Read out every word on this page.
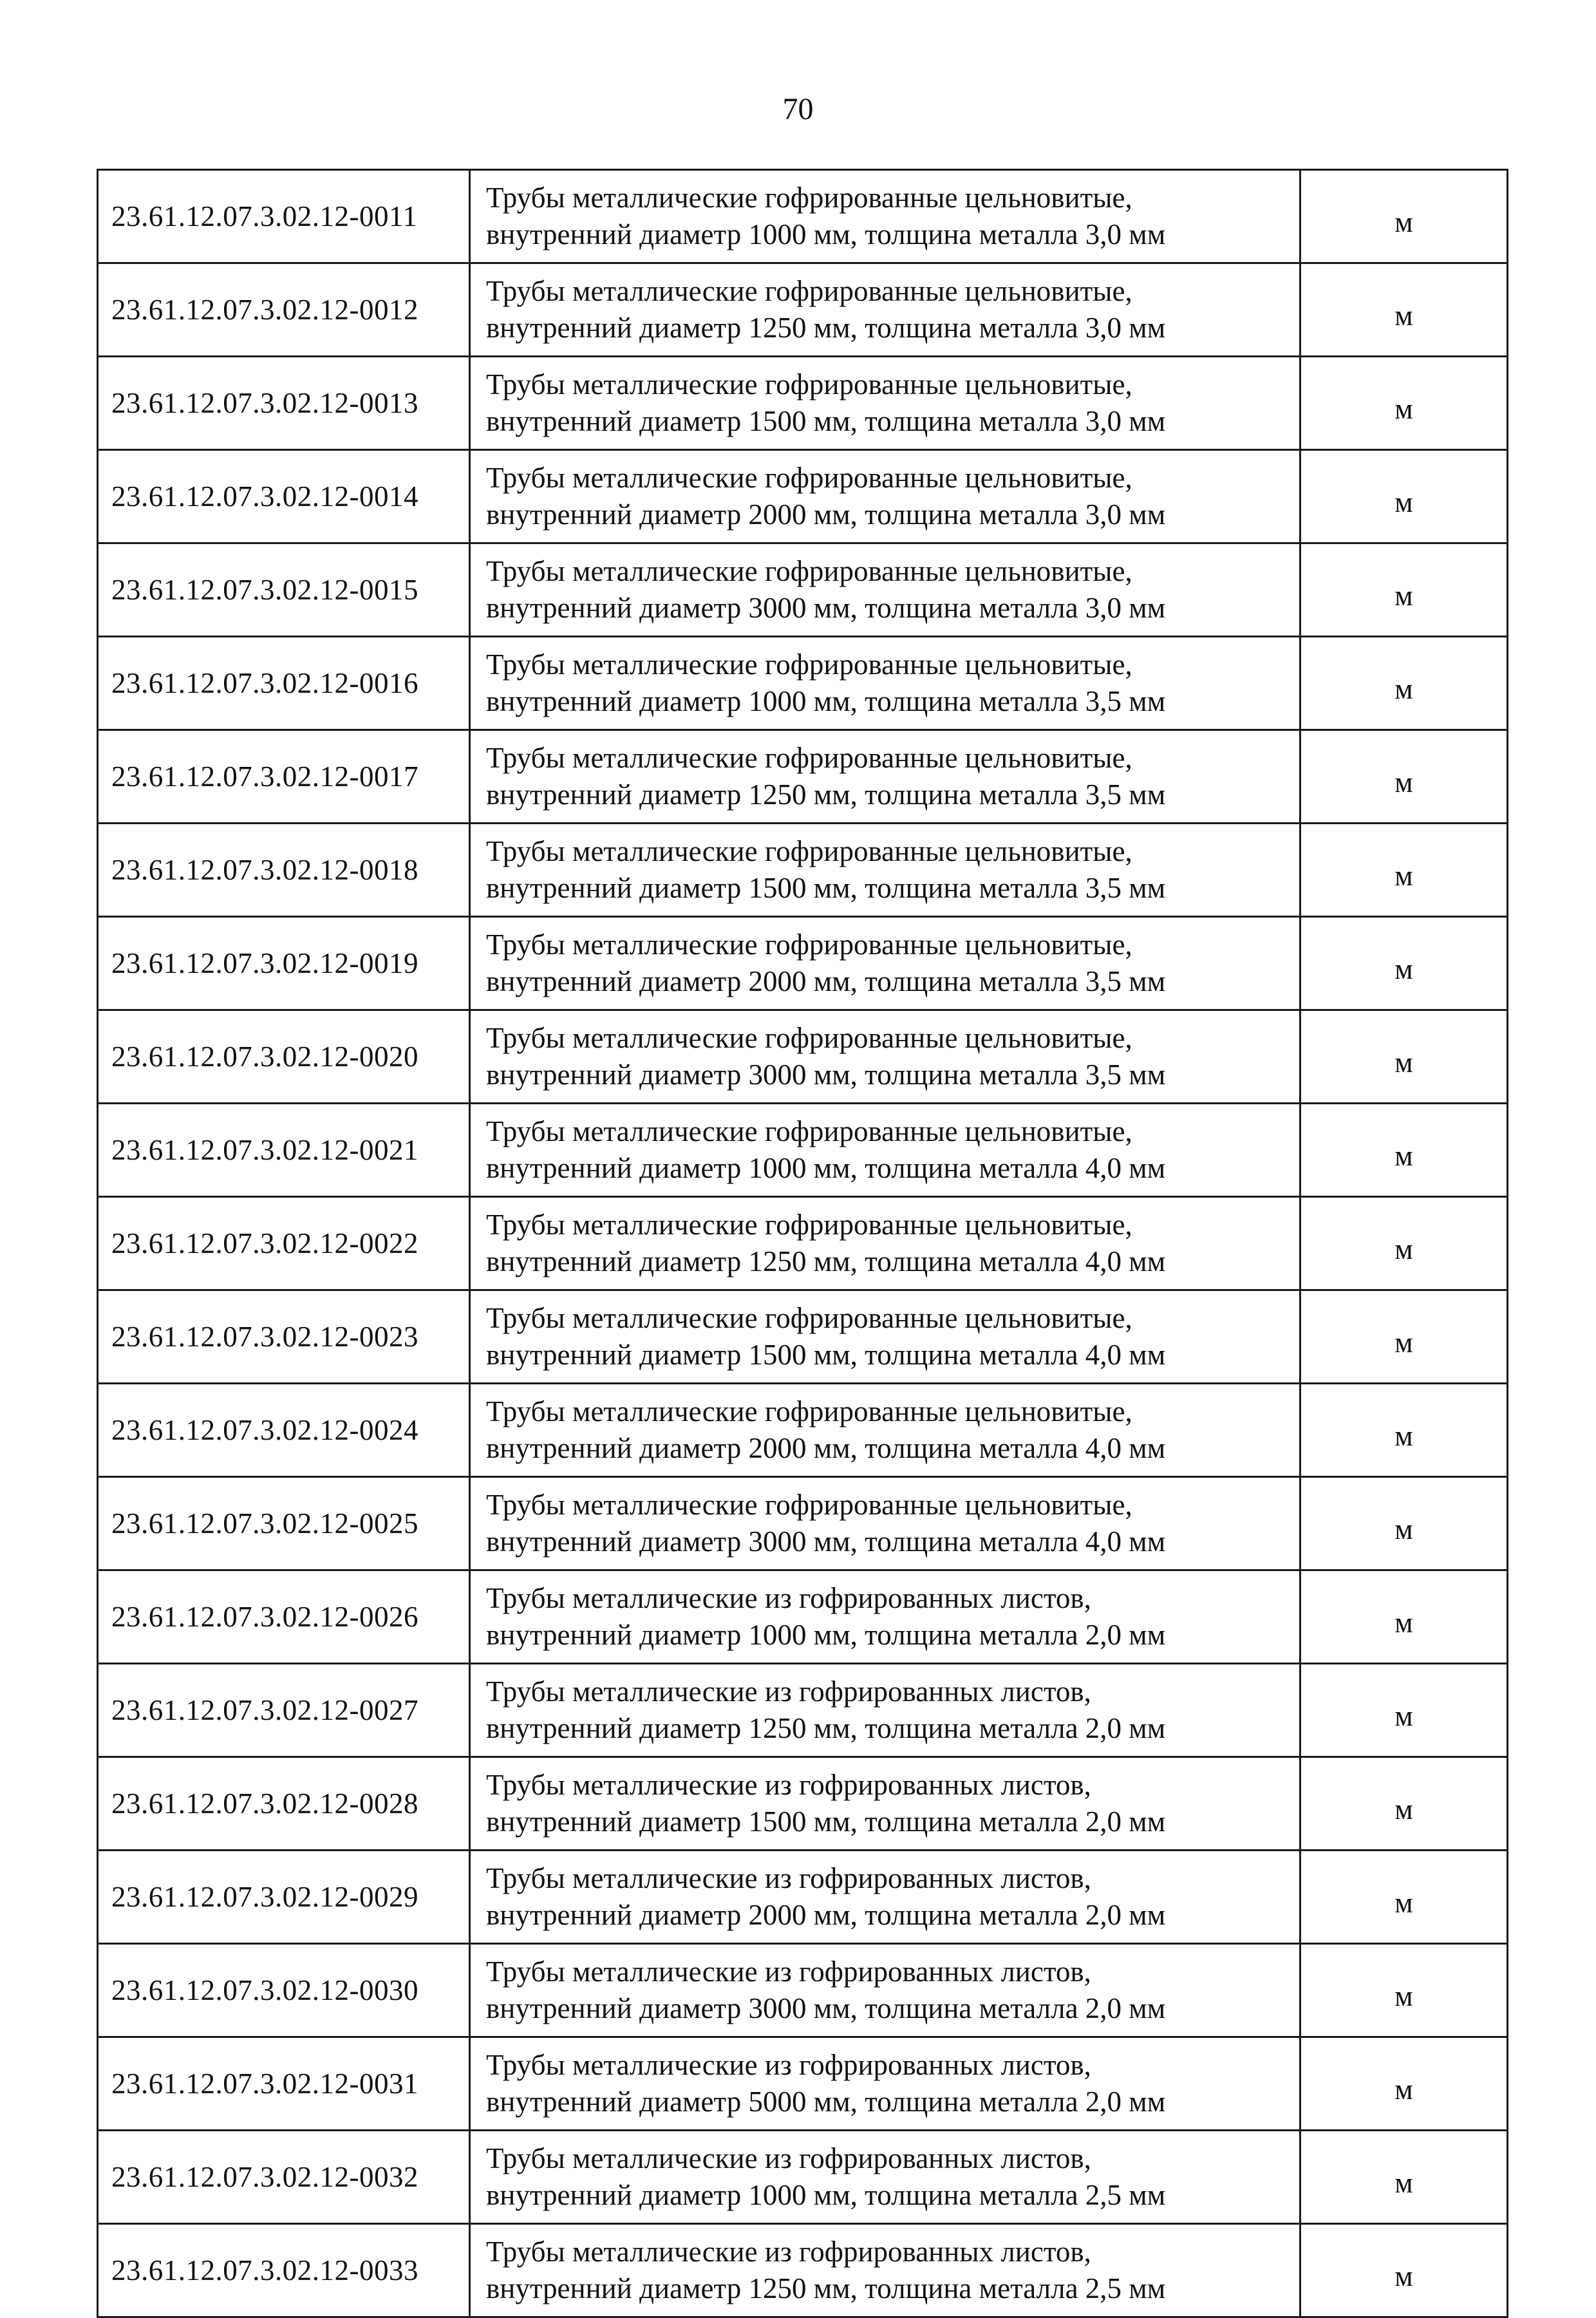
70
23.61.12.07.3.02.12-0011	Трубы металлические гофрированные цельновитые,
внутренний диаметр 1000 мм, толщина металла 3,0 мм	м
23.61.12.07.3.02.12-0012	Трубы металлические гофрированные цельновитые,
внутренний диаметр 1250 мм, толщина металла 3,0 мм	м
23.61.12.07.3.02.12-0013	Трубы металлические гофрированные цельновитые,
внутренний диаметр 1500 мм, толщина металла 3,0 мм	м
23.61.12.07.3.02.12-0014	Трубы металлические гофрированные цельновитые,
внутренний диаметр 2000 мм, толщина металла 3,0 мм	м
23.61.12.07.3.02.12-0015	Трубы металлические гофрированные цельновитые,
внутренний диаметр 3000 мм, толщина металла 3,0 мм	м
23.61.12.07.3.02.12-0016	Трубы металлические гофрированные цельновитые,
внутренний диаметр 1000 мм, толщина металла 3,5 мм	м
23.61.12.07.3.02.12-0017	Трубы металлические гофрированные цельновитые,
внутренний диаметр 1250 мм, толщина металла 3,5 мм	м
23.61.12.07.3.02.12-0018	Трубы металлические гофрированные цельновитые,
внутренний диаметр 1500 мм, толщина металла 3,5 мм	м
23.61.12.07.3.02.12-0019	Трубы металлические гофрированные цельновитые,
внутренний диаметр 2000 мм, толщина металла 3,5 мм	м
23.61.12.07.3.02.12-0020	Трубы металлические гофрированные цельновитые,
внутренний диаметр 3000 мм, толщина металла 3,5 мм	м
23.61.12.07.3.02.12-0021	Трубы металлические гофрированные цельновитые,
внутренний диаметр 1000 мм, толщина металла 4,0 мм	м
23.61.12.07.3.02.12-0022	Трубы металлические гофрированные цельновитые,
внутренний диаметр 1250 мм, толщина металла 4,0 мм	м
23.61.12.07.3.02.12-0023	Трубы металлические гофрированные цельновитые,
внутренний диаметр 1500 мм, толщина металла 4,0 мм	м
23.61.12.07.3.02.12-0024	Трубы металлические гофрированные цельновитые,
внутренний диаметр 2000 мм, толщина металла 4,0 мм	м
23.61.12.07.3.02.12-0025	Трубы металлические гофрированные цельновитые,
внутренний диаметр 3000 мм, толщина металла 4,0 мм	м
23.61.12.07.3.02.12-0026	Трубы металлические из гофрированных листов,
внутренний диаметр 1000 мм, толщина металла 2,0 мм	м
23.61.12.07.3.02.12-0027	Трубы металлические из гофрированных листов,
внутренний диаметр 1250 мм, толщина металла 2,0 мм	м
23.61.12.07.3.02.12-0028	Трубы металлические из гофрированных листов,
внутренний диаметр 1500 мм, толщина металла 2,0 мм	м
23.61.12.07.3.02.12-0029	Трубы металлические из гофрированных листов,
внутренний диаметр 2000 мм, толщина металла 2,0 мм	м
23.61.12.07.3.02.12-0030	Трубы металлические из гофрированных листов,
внутренний диаметр 3000 мм, толщина металла 2,0 мм	м
23.61.12.07.3.02.12-0031	Трубы металлические из гофрированных листов,
внутренний диаметр 5000 мм, толщина металла 2,0 мм	м
23.61.12.07.3.02.12-0032	Трубы металлические из гофрированных листов,
внутренний диаметр 1000 мм, толщина металла 2,5 мм	м
23.61.12.07.3.02.12-0033	Трубы металлические из гофрированных листов,
внутренний диаметр 1250 мм, толщина металла 2,5 мм	м
